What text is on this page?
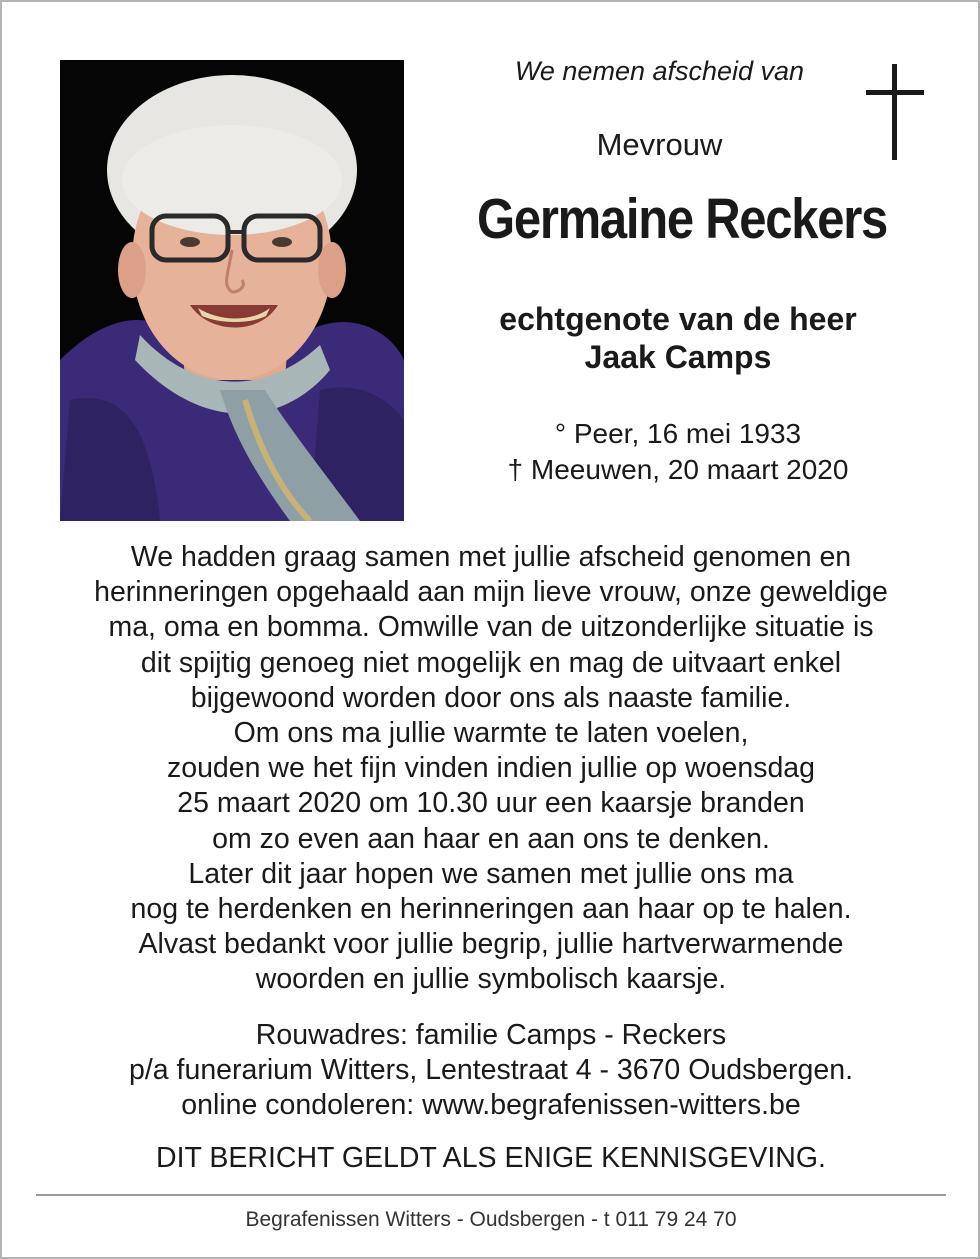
We nemen afscheid van
Mevrouw
Germaine Reckers
echtgenote van de heer
Jaak Camps
° Peer, 16 mei 1933
† Meeuwen, 20 maart 2020
We hadden graag samen met jullie afscheid genomen en
herinneringen opgehaald aan mijn lieve vrouw, onze geweldige
ma, oma en bomma. Omwille van de uitzonderlijke situatie is
dit spijtig genoeg niet mogelijk en mag de uitvaart enkel
bijgewoond worden door ons als naaste familie.
Om ons ma jullie warmte te laten voelen,
zouden we het fijn vinden indien jullie op woensdag
25 maart 2020 om 10.30 uur een kaarsje branden
om zo even aan haar en aan ons te denken.
Later dit jaar hopen we samen met jullie ons ma
nog te herdenken en herinneringen aan haar op te halen.
Alvast bedankt voor jullie begrip, jullie hartverwarmende
woorden en jullie symbolisch kaarsje.
Rouwadres: familie Camps - Reckers
p/a funerarium Witters, Lentestraat 4 - 3670 Oudsbergen.
online condoleren: www.begrafenissen-witters.be
DIT BERICHT GELDT ALS ENIGE KENNISGEVING.
Begrafenissen Witters - Oudsbergen - t 011 79 24 70
